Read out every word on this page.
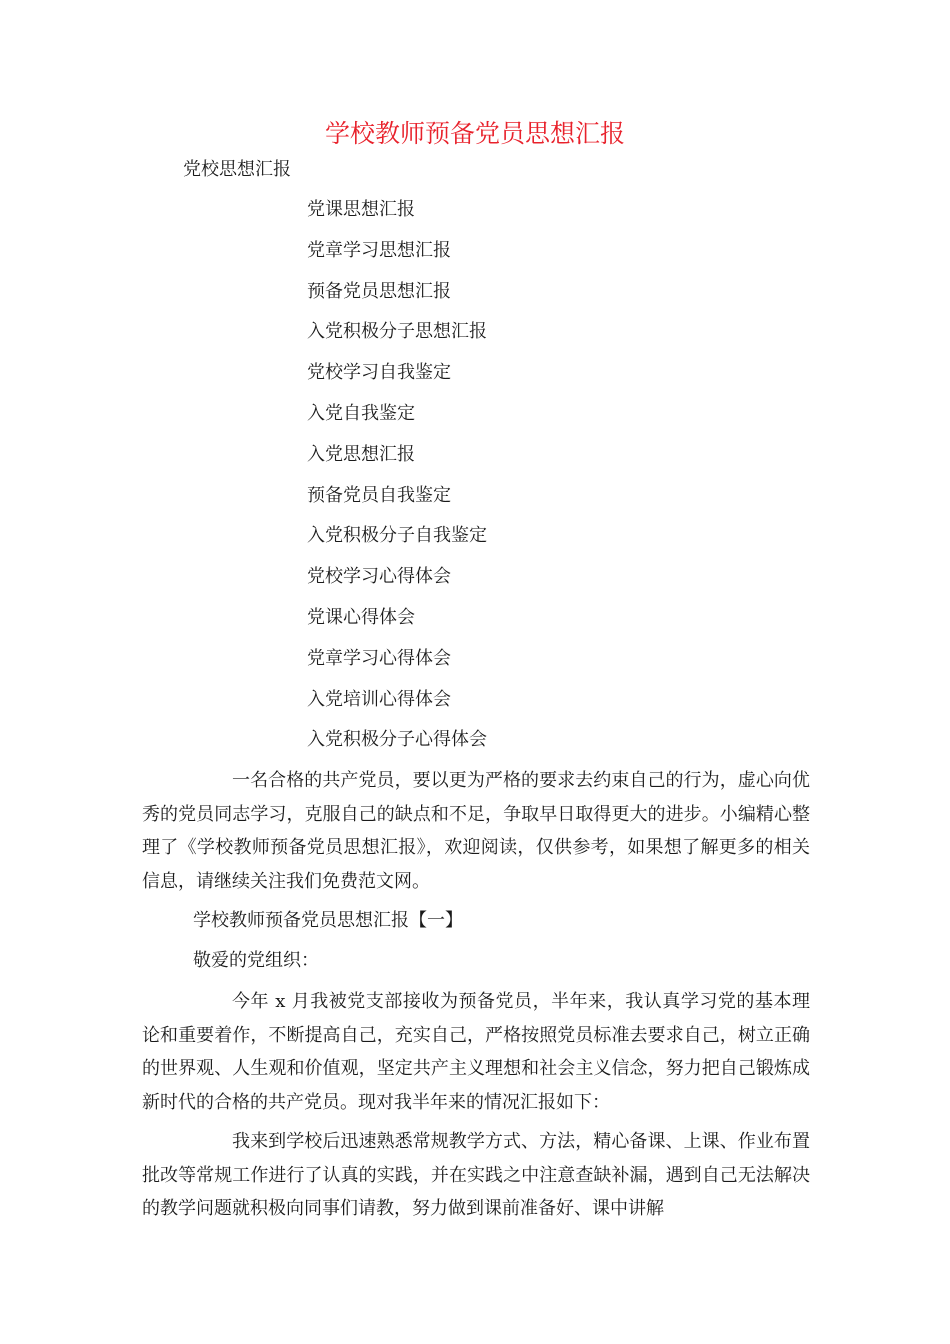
学校教师预备党员思想汇报

党校思想汇报

党课思想汇报
党章学习思想汇报
预备党员思想汇报
入党积极分子思想汇报
党校学习自我鉴定
入党自我鉴定
入党思想汇报
预备党员自我鉴定
入党积极分子自我鉴定
党校学习心得体会
党课心得体会
党章学习心得体会
入党培训心得体会
入党积极分子心得体会

一名合格的共产党员，要以更为严格的要求去约束自己的行为，虚心向优秀的党员同志学习，克服自己的缺点和不足，争取早日取得更大的进步。小编精心整理了《学校教师预备党员思想汇报》，欢迎阅读，仅供参考，如果想了解更多的相关信息，请继续关注我们免费范文网。

学校教师预备党员思想汇报【一】

敬爱的党组织：

今年 x 月我被党支部接收为预备党员，半年来，我认真学习党的基本理论和重要着作，不断提高自己，充实自己，严格按照党员标准去要求自己，树立正确的世界观、人生观和价值观，坚定共产主义理想和社会主义信念，努力把自己锻炼成新时代的合格的共产党员。现对我半年来的情况汇报如下：

我来到学校后迅速熟悉常规教学方式、方法，精心备课、上课、作业布置批改等常规工作进行了认真的实践，并在实践之中注意查缺补漏，遇到自己无法解决的教学问题就积极向同事们请教，努力做到课前准备好、课中讲解
